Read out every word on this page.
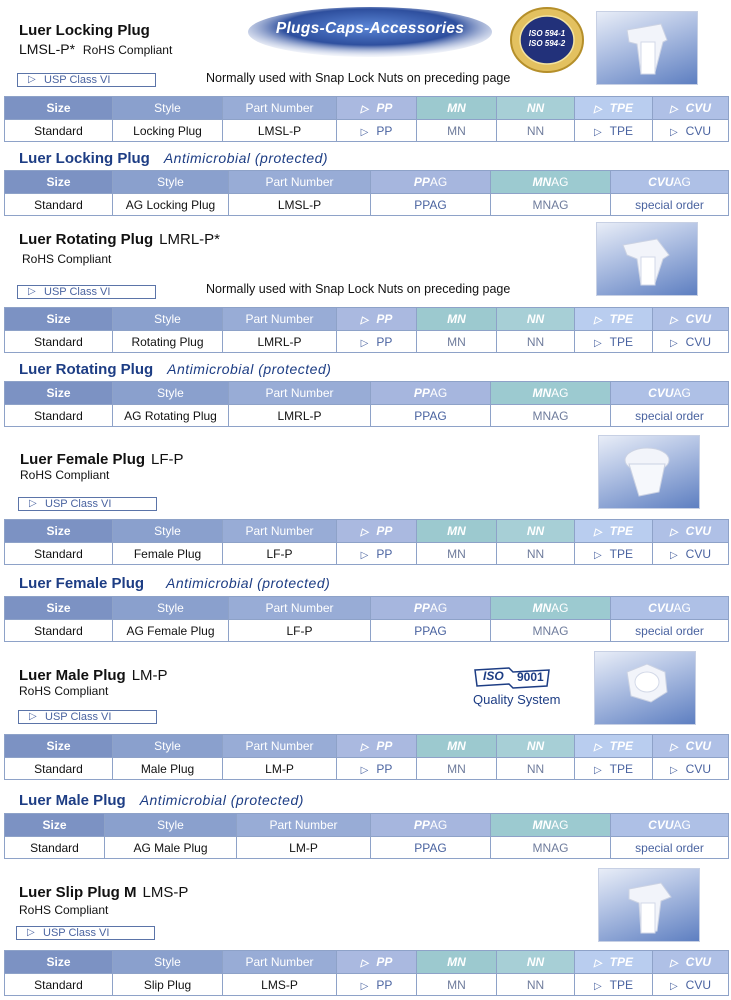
Plugs-Caps-Accessories	ISO 594-1
ISO 594-2
Luer Locking Plug
LMSL-P* RoHS Compliant
▷ USP Class VI	Normally used with Snap Lock Nuts on preceding page
Size	Style	Part Number	▷ PP	MN	NN	▷ TPE	▷ CVU
Standard	Locking Plug	LMSL-P	▷ PP	MN	NN	▷ TPE	▷ CVU
Luer Locking Plug Antimicrobial (protected)
Size	Style	Part Number	PPAG	MNAG	CVUAG
Standard	AG Locking Plug	LMSL-P	PPAG	MNAG	special order
Luer Rotating Plug LMRL-P*
RoHS Compliant
▷ USP Class VI	Normally used with Snap Lock Nuts on preceding page
Size	Style	Part Number	▷ PP	MN	NN	▷ TPE	▷ CVU
Standard	Rotating Plug	LMRL-P	▷ PP	MN	NN	▷ TPE	▷ CVU
Luer Rotating Plug Antimicrobial (protected)
Size	Style	Part Number	PPAG	MNAG	CVUAG
Standard	AG Rotating Plug	LMRL-P	PPAG	MNAG	special order
Luer Female Plug LF-P
RoHS Compliant
▷ USP Class VI
Size	Style	Part Number	▷ PP	MN	NN	▷ TPE	▷ CVU
Standard	Female Plug	LF-P	▷ PP	MN	NN	▷ TPE	▷ CVU
Luer Female Plug Antimicrobial (protected)
Size	Style	Part Number	PPAG	MNAG	CVUAG
Standard	AG Female Plug	LF-P	PPAG	MNAG	special order
Luer Male Plug LM-P
RoHS Compliant
ISO 9001
Quality System
▷ USP Class VI
Size	Style	Part Number	▷ PP	MN	NN	▷ TPE	▷ CVU
Standard	Male Plug	LM-P	▷ PP	MN	NN	▷ TPE	▷ CVU
Luer Male Plug Antimicrobial (protected)
Size	Style	Part Number	PPAG	MNAG	CVUAG
Standard	AG Male Plug	LM-P	PPAG	MNAG	special order
Luer Slip Plug M LMS-P
RoHS Compliant
▷ USP Class VI
Size	Style	Part Number	▷ PP	MN	NN	▷ TPE	▷ CVU
Standard	Slip Plug	LMS-P	▷ PP	MN	NN	▷ TPE	▷ CVU
